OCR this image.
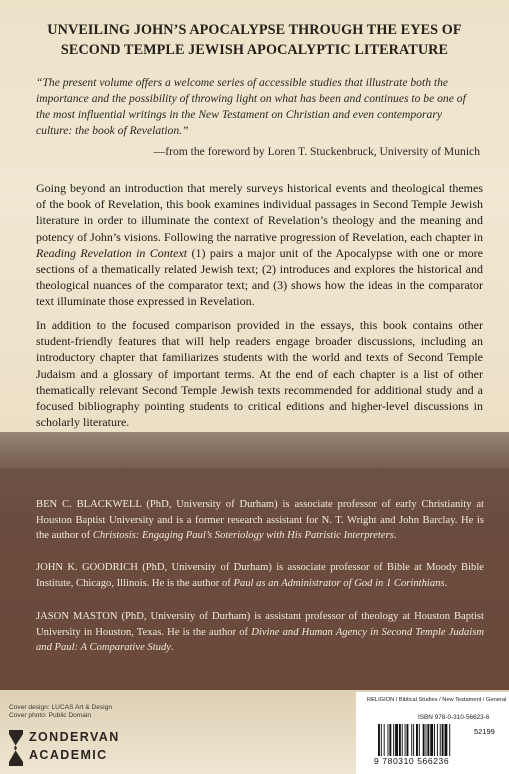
UNVEILING JOHN’S APOCALYPSE THROUGH THE EYES OF
SECOND TEMPLE JEWISH APOCALYPTIC LITERATURE
“The present volume offers a welcome series of accessible studies that illustrate both the importance and the possibility of throwing light on what has been and continues to be one of the most influential writings in the New Testament on Christian and even contemporary culture: the book of Revelation.”
—from the foreword by Loren T. Stuckenbruck, University of Munich
Going beyond an introduction that merely surveys historical events and theological themes of the book of Revelation, this book examines individual passages in Second Temple Jewish literature in order to illuminate the context of Revelation’s theology and the meaning and potency of John’s visions. Following the narrative progression of Revelation, each chapter in Reading Revelation in Context (1) pairs a major unit of the Apocalypse with one or more sections of a thematically related Jewish text; (2) introduces and explores the historical and theological nuances of the comparator text; and (3) shows how the ideas in the comparator text illuminate those expressed in Revelation.
In addition to the focused comparison provided in the essays, this book contains other student-friendly features that will help readers engage broader discussions, including an introductory chapter that familiarizes students with the world and texts of Second Temple Judaism and a glossary of important terms. At the end of each chapter is a list of other thematically relevant Second Temple Jewish texts recommended for additional study and a focused bibliography pointing students to critical editions and higher-level discussions in scholarly literature.
BEN C. BLACKWELL (PhD, University of Durham) is associate professor of early Christianity at Houston Baptist University and is a former research assistant for N. T. Wright and John Barclay. He is the author of Christosis: Engaging Paul’s Soteriology with His Patristic Interpreters.
JOHN K. GOODRICH (PhD, University of Durham) is associate professor of Bible at Moody Bible Institute, Chicago, Illinois. He is the author of Paul as an Administrator of God in 1 Corinthians.
JASON MASTON (PhD, University of Durham) is assistant professor of theology at Houston Baptist University in Houston, Texas. He is the author of Divine and Human Agency in Second Temple Judaism and Paul: A Comparative Study.
Cover design: LUCAS Art & Design
Cover photo: Public Domain
ZONDERVAN
ACADEMIC
RELIGION / Biblical Studies / New Testament / General
ISBN 978-0-310-56623-6
52199
9 780310 566236
